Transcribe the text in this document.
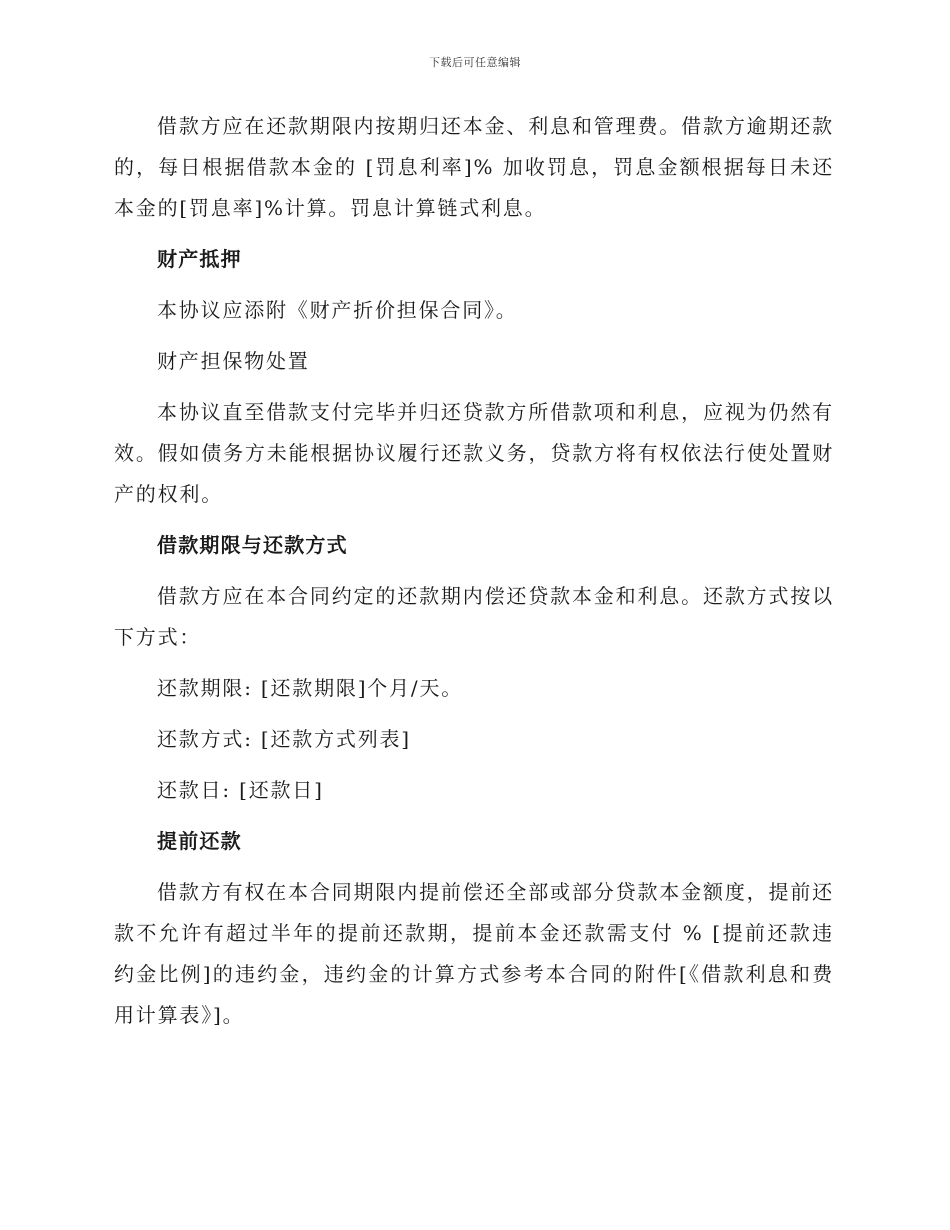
下载后可任意编辑

借款方应在还款期限内按期归还本金、利息和管理费。借款方逾期还款的，每日根据借款本金的 [罚息利率]% 加收罚息，罚息金额根据每日未还本金的[罚息率]%计算。罚息计算链式利息。

财产抵押

本协议应添附《财产折价担保合同》。

财产担保物处置

本协议直至借款支付完毕并归还贷款方所借款项和利息，应视为仍然有效。假如债务方未能根据协议履行还款义务，贷款方将有权依法行使处置财产的权利。

借款期限与还款方式

借款方应在本合同约定的还款期内偿还贷款本金和利息。还款方式按以下方式：

还款期限: [还款期限]个月/天。

还款方式: [还款方式列表]

还款日: [还款日]

提前还款

借款方有权在本合同期限内提前偿还全部或部分贷款本金额度，提前还款不允许有超过半年的提前还款期，提前本金还款需支付 % [提前还款违约金比例]的违约金，违约金的计算方式参考本合同的附件[《借款利息和费用计算表》]。
